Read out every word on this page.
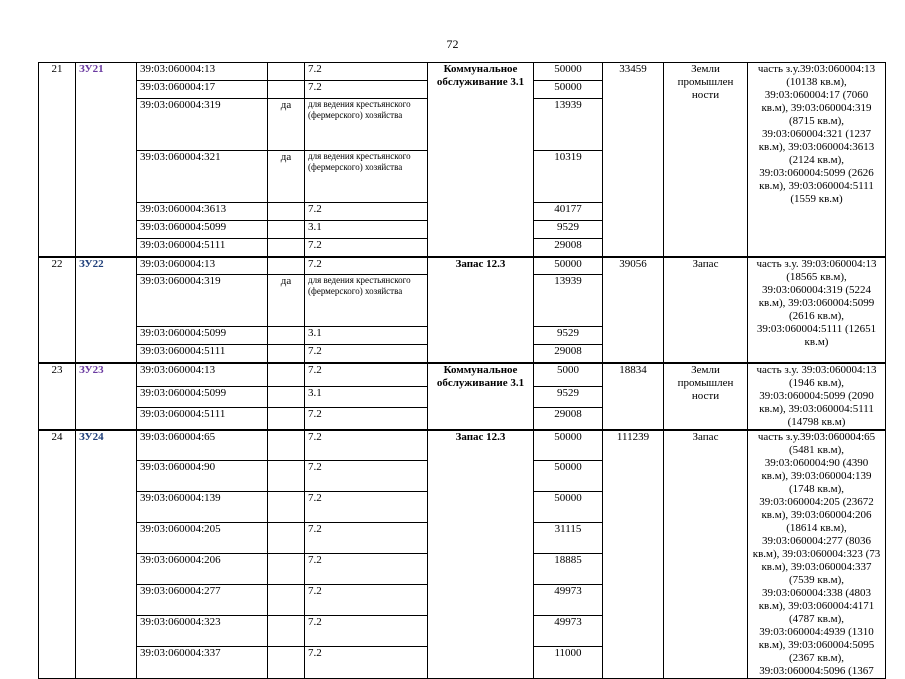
72
21	ЗУ21	39:03:060004:13		7.2	Коммунальное обслуживание 3.1	50000	33459	Земли промышлен ности	часть з.у.39:03:060004:13 (10138 кв.м), 39:03:060004:17 (7060 кв.м), 39:03:060004:319 (8715 кв.м), 39:03:060004:321 (1237 кв.м), 39:03:060004:3613 (2124 кв.м), 39:03:060004:5099 (2626 кв.м), 39:03:060004:5111 (1559 кв.м)
		39:03:060004:17		7.2		50000			
		39:03:060004:319	да	для ведения крестьянского (фермерского) хозяйства		13939			
		39:03:060004:321	да	для ведения крестьянского (фермерского) хозяйства		10319			
		39:03:060004:3613		7.2		40177			
		39:03:060004:5099		3.1		9529			
		39:03:060004:5111		7.2		29008			
22	ЗУ22	39:03:060004:13		7.2	Запас 12.3	50000	39056	Запас	часть з.у. 39:03:060004:13 (18565 кв.м), 39:03:060004:319 (5224 кв.м), 39:03:060004:5099 (2616 кв.м), 39:03:060004:5111 (12651 кв.м)
		39:03:060004:319	да	для ведения крестьянского (фермерского) хозяйства		13939			
		39:03:060004:5099		3.1		9529			
		39:03:060004:5111		7.2		29008			
23	ЗУ23	39:03:060004:13		7.2	Коммунальное обслуживание 3.1	5000	18834	Земли промышлен ности	часть з.у. 39:03:060004:13 (1946 кв.м), 39:03:060004:5099 (2090 кв.м), 39:03:060004:5111 (14798 кв.м)
		39:03:060004:5099		3.1		9529			
		39:03:060004:5111		7.2		29008			
24	ЗУ24	39:03:060004:65		7.2	Запас 12.3	50000	111239	Запас	часть з.у.39:03:060004:65 (5481 кв.м), 39:03:060004:90 (4390 кв.м), 39:03:060004:139 (1748 кв.м), 39:03:060004:205 (23672 кв.м), 39:03:060004:206 (18614 кв.м), 39:03:060004:277 (8036 кв.м), 39:03:060004:323 (73 кв.м), 39:03:060004:337 (7539 кв.м), 39:03:060004:338 (4803 кв.м), 39:03:060004:4171 (4787 кв.м), 39:03:060004:4939 (1310 кв.м), 39:03:060004:5095 (2367 кв.м), 39:03:060004:5096 (1367
		39:03:060004:90		7.2		50000			
		39:03:060004:139		7.2		50000			
		39:03:060004:205		7.2		31115			
		39:03:060004:206		7.2		18885			
		39:03:060004:277		7.2		49973			
		39:03:060004:323		7.2		49973			
		39:03:060004:337		7.2		11000			
